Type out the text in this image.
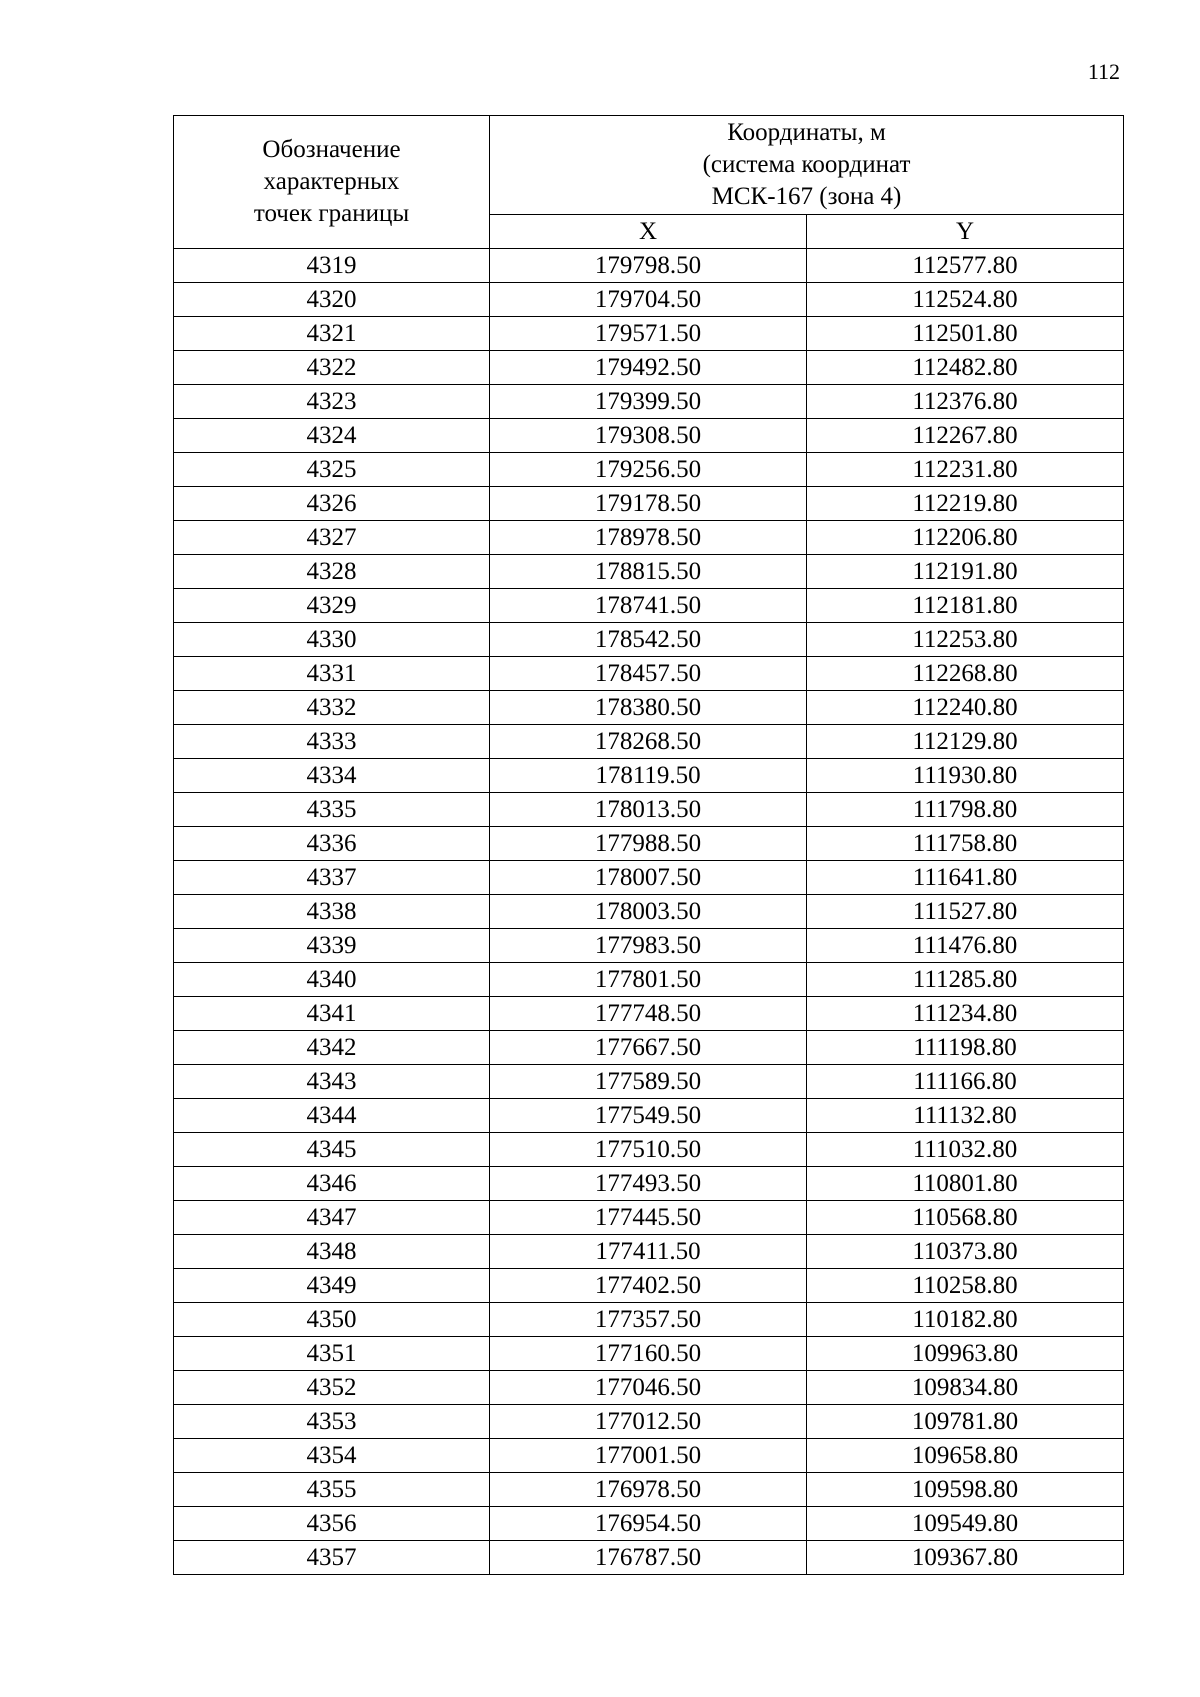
112
Обозначение
характерных
точек границы	Координаты, м
(система координат
МСК-167 (зона 4)	

	X	Y
4319	179798.50	112577.80
4320	179704.50	112524.80
4321	179571.50	112501.80
4322	179492.50	112482.80
4323	179399.50	112376.80
4324	179308.50	112267.80
4325	179256.50	112231.80
4326	179178.50	112219.80
4327	178978.50	112206.80
4328	178815.50	112191.80
4329	178741.50	112181.80
4330	178542.50	112253.80
4331	178457.50	112268.80
4332	178380.50	112240.80
4333	178268.50	112129.80
4334	178119.50	111930.80
4335	178013.50	111798.80
4336	177988.50	111758.80
4337	178007.50	111641.80
4338	178003.50	111527.80
4339	177983.50	111476.80
4340	177801.50	111285.80
4341	177748.50	111234.80
4342	177667.50	111198.80
4343	177589.50	111166.80
4344	177549.50	111132.80
4345	177510.50	111032.80
4346	177493.50	110801.80
4347	177445.50	110568.80
4348	177411.50	110373.80
4349	177402.50	110258.80
4350	177357.50	110182.80
4351	177160.50	109963.80
4352	177046.50	109834.80
4353	177012.50	109781.80
4354	177001.50	109658.80
4355	176978.50	109598.80
4356	176954.50	109549.80
4357	176787.50	109367.80
